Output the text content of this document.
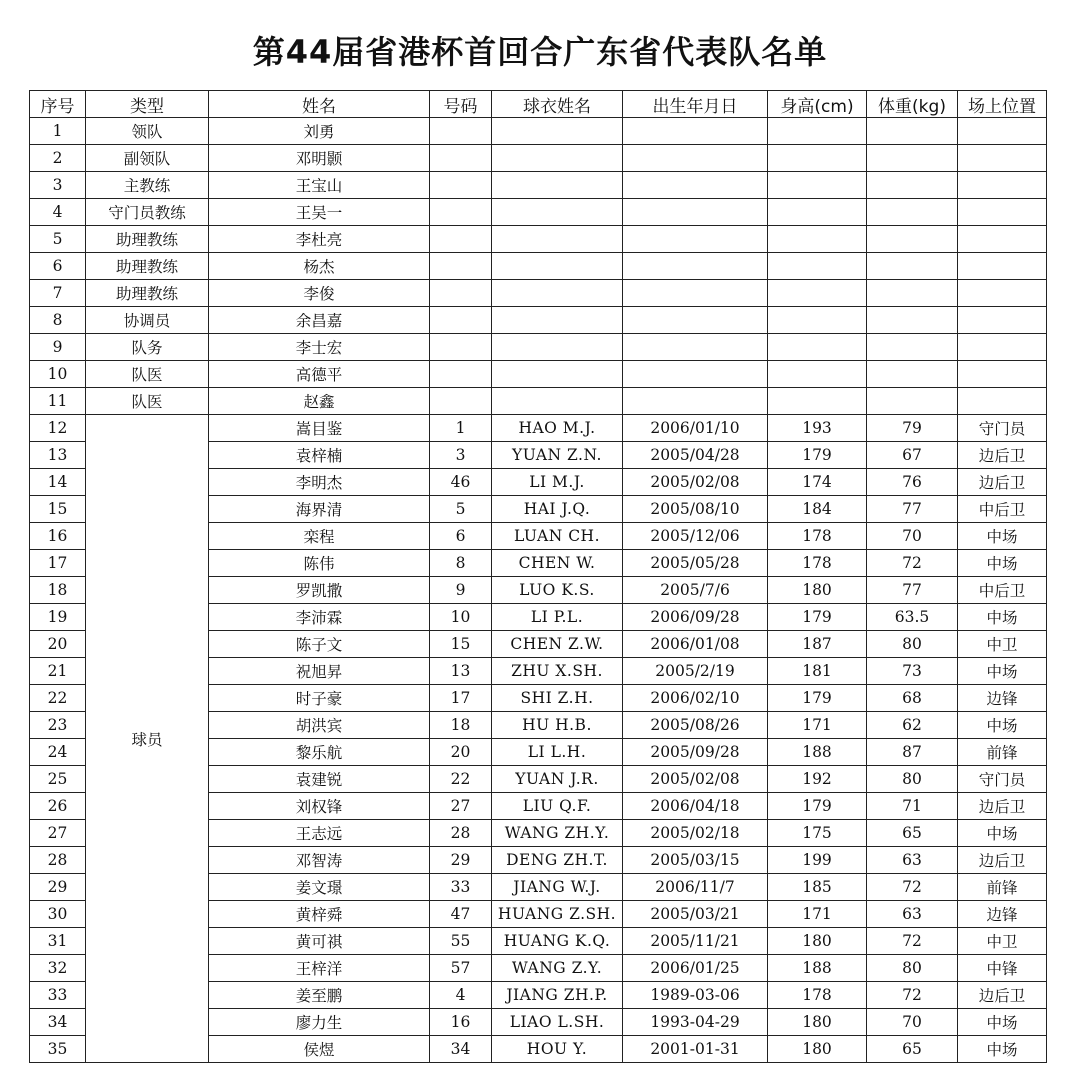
第44届省港杯首回合广东省代表队名单
序号	类型	姓名	号码	球衣姓名	出生年月日	身高(cm)	体重(kg)	场上位置
1	领队	刘勇						
2	副领队	邓明颢						
3	主教练	王宝山						
4	守门员教练	王吴一						
5	助理教练	李杜亮						
6	助理教练	杨杰						
7	助理教练	李俊						
8	协调员	余昌嘉						
9	队务	李士宏						
10	队医	高德平						
11	队医	赵鑫						
12	球员	嵩目鉴	1	HAO M.J.	2006/01/10	193	79	守门员
13		袁梓楠	3	YUAN Z.N.	2005/04/28	179	67	边后卫
14		李明杰	46	LI M.J.	2005/02/08	174	76	边后卫
15		海界清	5	HAI J.Q.	2005/08/10	184	77	中后卫
16		栾程	6	LUAN CH.	2005/12/06	178	70	中场
17		陈伟	8	CHEN W.	2005/05/28	178	72	中场
18		罗凯撒	9	LUO K.S.	2005/7/6	180	77	中后卫
19		李沛霖	10	LI P.L.	2006/09/28	179	63.5	中场
20		陈子文	15	CHEN Z.W.	2006/01/08	187	80	中卫
21		祝旭昇	13	ZHU X.SH.	2005/2/19	181	73	中场
22		时子豪	17	SHI Z.H.	2006/02/10	179	68	边锋
23		胡洪宾	18	HU H.B.	2005/08/26	171	62	中场
24		黎乐航	20	LI L.H.	2005/09/28	188	87	前锋
25		袁建锐	22	YUAN J.R.	2005/02/08	192	80	守门员
26		刘权锋	27	LIU Q.F.	2006/04/18	179	71	边后卫
27		王志远	28	WANG ZH.Y.	2005/02/18	175	65	中场
28		邓智涛	29	DENG ZH.T.	2005/03/15	199	63	边后卫
29		姜文璟	33	JIANG W.J.	2006/11/7	185	72	前锋
30		黄梓舜	47	HUANG Z.SH.	2005/03/21	171	63	边锋
31		黄可祺	55	HUANG K.Q.	2005/11/21	180	72	中卫
32		王梓洋	57	WANG Z.Y.	2006/01/25	188	80	中锋
33		姜至鹏	4	JIANG ZH.P.	1989-03-06	178	72	边后卫
34		廖力生	16	LIAO L.SH.	1993-04-29	180	70	中场
35		侯煜	34	HOU Y.	2001-01-31	180	65	中场
